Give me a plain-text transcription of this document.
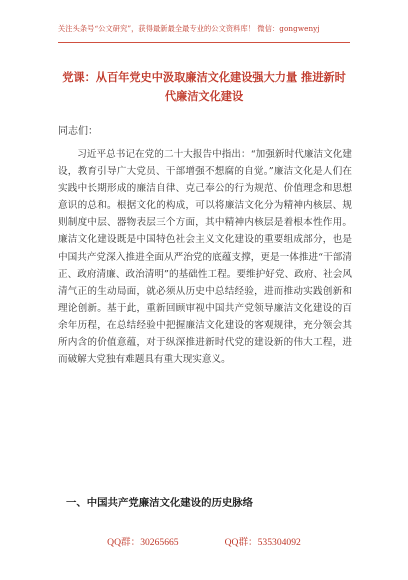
关注头条号“公文研究”，获得最新最全最专业的公文资料库！ 微信：gongwenyj
党课：从百年党史中汲取廉洁文化建设强大力量 推进新时代廉洁文化建设
同志们：

习近平总书记在党的二十大报告中指出：“加强新时代廉洁文化建设，教育引导广大党员、干部增强不想腐的自觉。”廉洁文化是人们在实践中长期形成的廉洁自律、克己奉公的行为规范、价值理念和思想意识的总和。根据文化的构成，可以将廉洁文化分为精神内核层、规则制度中层、器物表层三个方面，其中精神内核层是着根本性作用。廉洁文化建设既是中国特色社会主义文化建设的重要组成部分，也是中国共产党深入推进全面从严治党的底蕴支撑，更是一体推进“干部清正、政府清廉、政治清明”的基础性工程。要维护好党、政府、社会风清气正的生动局面，就必须从历史中总结经验，进而推动实践创新和理论创新。基于此，重新回顾审视中国共产党领导廉洁文化建设的百余年历程，在总结经验中把握廉洁文化建设的客观规律，充分领会其所内含的价值意蕴，对于纵深推进新时代党的建设新的伟大工程，进而破解大党独有难题具有重大现实意义。

一、中国共产党廉洁文化建设的历史脉络
QQ群：30265665	QQ群：535304092
